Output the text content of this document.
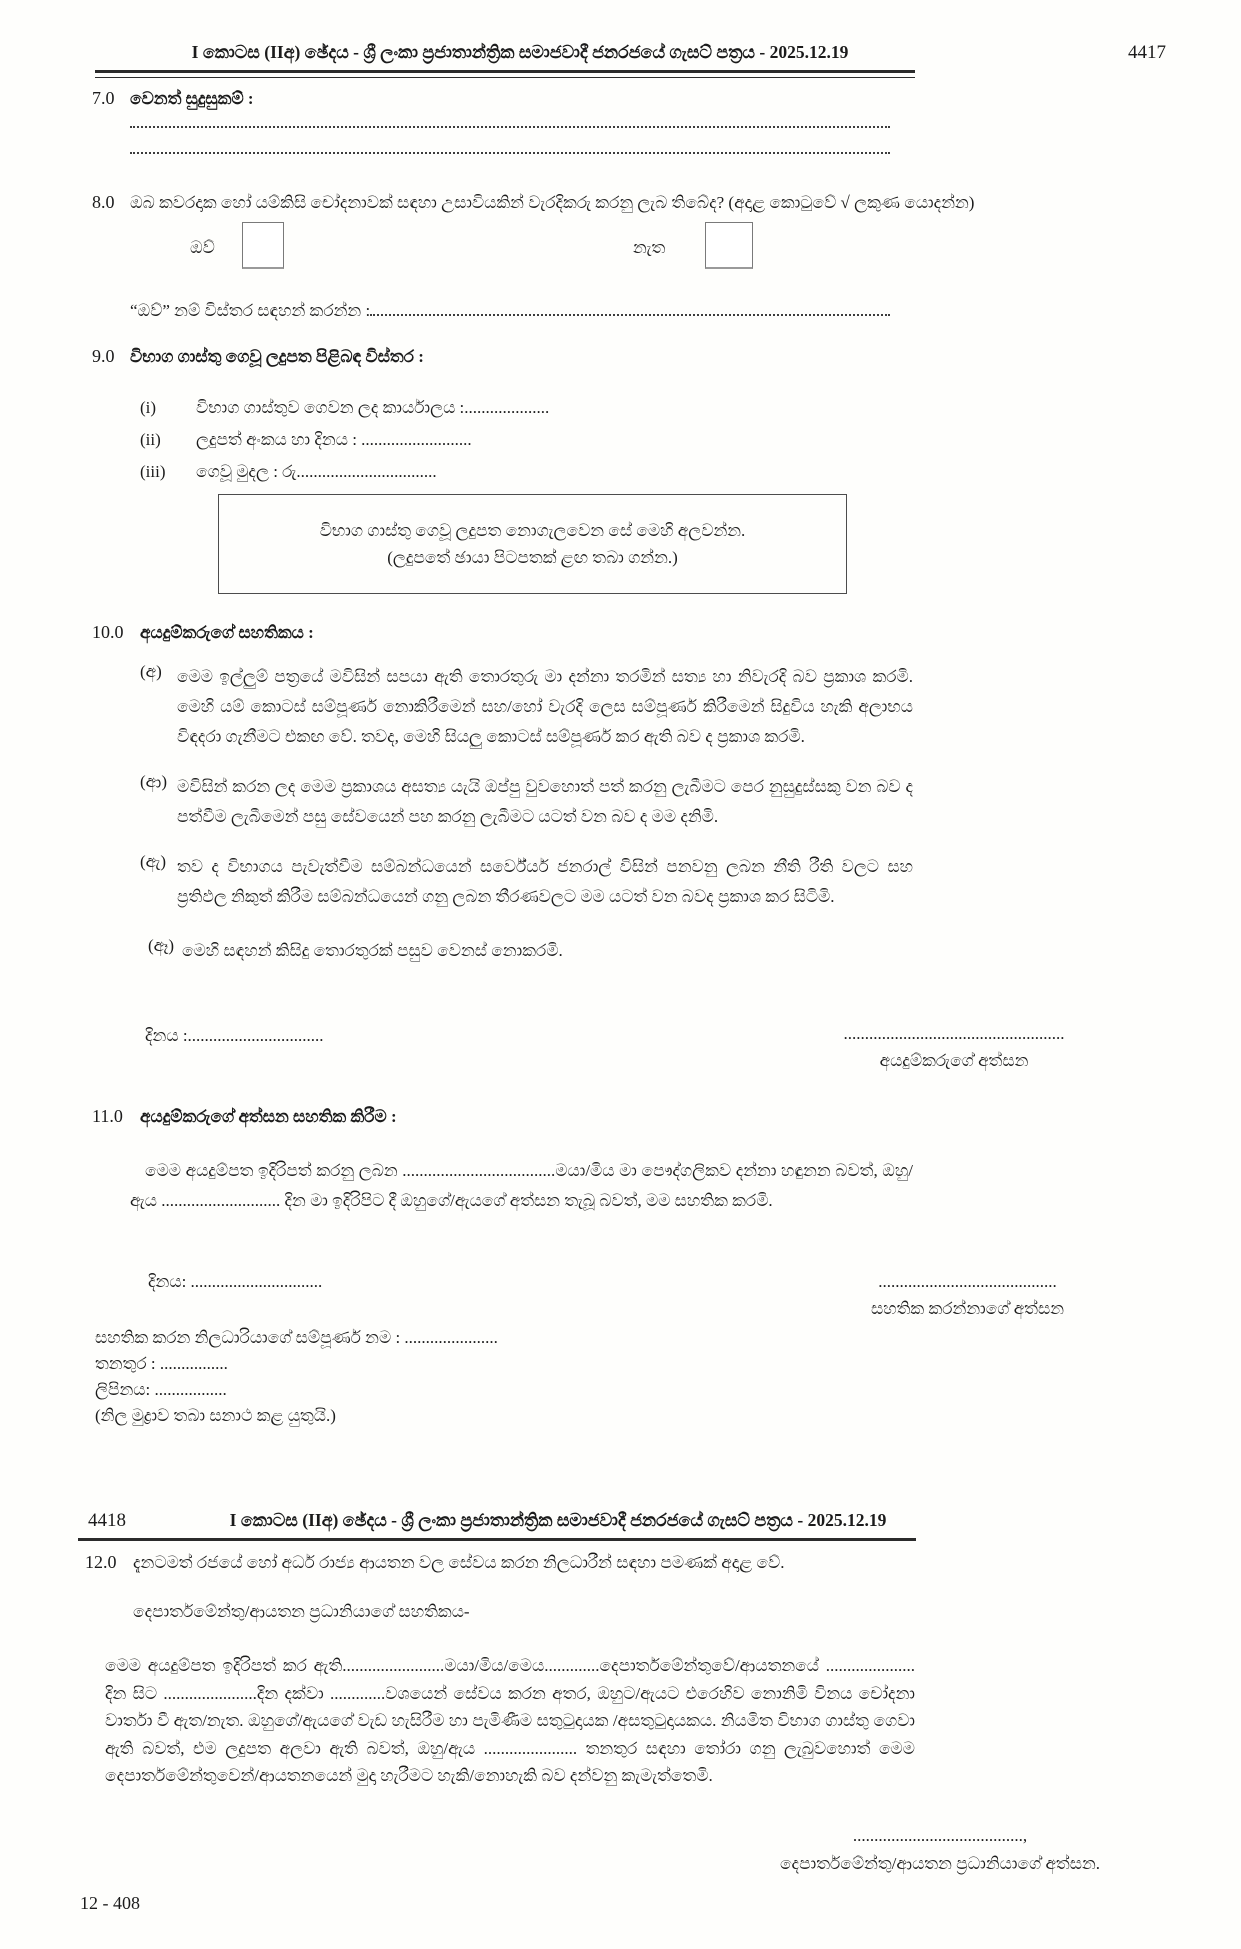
I කොටස (IIඅ) ඡේදය - ශ්‍රී ලංකා ප්‍රජාතාන්ත්‍රික සමාජවාදී ජනරජයේ ගැසට් පත්‍රය - 2025.12.19	4417
7.0 වෙනත් සුදුසුකම් :
8.0 ඔබ කවරදාක හෝ යම්කිසි චෝදනාවක් සඳහා උසාවියකින් වැරදිකරු කරනු ලැබ තිබේද? (අදාළ කොටුවේ √ ලකුණ යොදන්න)
ඔව්	නැත
“ඔව්” නම් විස්තර සඳහන් කරන්න :
9.0 විභාග ගාස්තු ගෙවූ ලදුපත පිළිබඳ විස්තර :
(i)	විභාග ගාස්තුව ගෙවන ලද කාර්යාලය :....................
(ii)	ලදුපත් අංකය හා දිනය : ..........................
(iii)	ගෙවූ මුදල : රු.................................
විභාග ගාස්තු ගෙවූ ලදුපත නොගැලවෙන සේ මෙහි අලවන්න.
(ලදුපතේ ඡායා පිටපතක් ළඟ තබා ගන්න.)
10.0 අයදුම්කරුගේ සහතිකය :
(අ) මෙම ඉල්ලුම් පත්‍රයේ මවිසින් සපයා ඇති තොරතුරු මා දන්නා තරමින් සත්‍ය හා නිවැරදි බව ප්‍රකාශ කරමි. මෙහි යම් කොටස් සම්පූර්ණ නොකිරීමෙන් සහ/හෝ වැරදි ලෙස සම්පූර්ණ කිරීමෙන් සිදුවිය හැකි අලාභය විඳදරා ගැනීමට එකඟ වේ. තවද, මෙහි සියලු කොටස් සම්පූර්ණ කර ඇති බව ද ප්‍රකාශ කරමි.
(ආ) මවිසින් කරන ලද මෙම ප්‍රකාශය අසත්‍ය යැයි ඔප්පු වුවහොත් පත් කරනු ලැබීමට පෙර නුසුදුස්සකු වන බව ද පත්වීම ලැබීමෙන් පසු සේවයෙන් පහ කරනු ලැබීමට යටත් වන බව ද මම දනිමි.
(ඇ) තව ද විභාගය පැවැත්වීම සම්බන්ධයෙන් සර්වේයර් ජනරාල් විසින් පනවනු ලබන නීති රීති වලට සහ ප්‍රතිඵල නිකුත් කිරීම සම්බන්ධයෙන් ගනු ලබන තීරණවලට මම යටත් වන බවද ප්‍රකාශ කර සිටිමි.
(ඈ) මෙහි සඳහන් කිසිදු තොරතුරක් පසුව වෙනස් නොකරමි.
දිනය :................................	....................................................
අයදුම්කරුගේ අත්සන
11.0	අයදුම්කරුගේ අත්සන සහතික කිරීම :
මෙම අයදුම්පත ඉදිරිපත් කරනු ලබන ....................................මයා/මිය මා පෞද්ගලිකව දන්නා හඳුනන බවත්, ඔහු/ඇය ............................ දින මා ඉදිරිපිට දී ඔහුගේ/ඇයගේ අත්සන තැබූ බවත්, මම සහතික කරමි.
දිනය: ...............................	..........................................
සහතික කරන්නාගේ අත්සන
සහතික කරන නිලධාරියාගේ සම්පූර්ණ නම : ......................
තනතුර : ................
ලිපිනය: .................
(නිල මුද්‍රාව තබා සනාථ කළ යුතුයි.)
4418	I කොටස (IIඅ) ඡේදය - ශ්‍රී ලංකා ප්‍රජාතාන්ත්‍රික සමාජවාදී ජනරජයේ ගැසට් පත්‍රය - 2025.12.19
12.0 දැනටමත් රජයේ හෝ අර්ධ රාජ්‍ය ආයතන වල සේවය කරන නිලධාරීන් සඳහා පමණක් අදාළ වේ.
දෙපාර්තමේන්තු/ආයතන ප්‍රධානියාගේ සහතිකය-
මෙම අයදුම්පත ඉදිරිපත් කර ඇති........................මයා/මිය/මෙය.............දෙපාර්තමේන්තුවේ/ආයතනයේ ..................... දින සිට ......................දින දක්වා .............වශයෙන් සේවය කරන අතර, ඔහුට/ඇයට එරෙහිව නොනිමි විනය චෝදනා වාර්තා වී ඇත/නැත. ඔහුගේ/ඇයගේ වැඩ හැසිරීම හා පැමිණීම සතුටුදායක /අසතුටුදායකය. නියමිත විභාග ගාස්තු ගෙවා ඇති බවත්, එම ලදුපත අලවා ඇති බවත්, ඔහු/ඇය ...................... තනතුර සඳහා තෝරා ගනු ලැබුවහොත් මෙම දෙපාර්තමේන්තුවෙන්/ආයතනයෙන් මුදා හැරීමට හැකි/නොහැකි බව දන්වනු කැමැත්තෙමි.
........................................,
දෙපාර්තමේන්තු/ආයතන ප්‍රධානියාගේ අත්සන.
12 - 408
